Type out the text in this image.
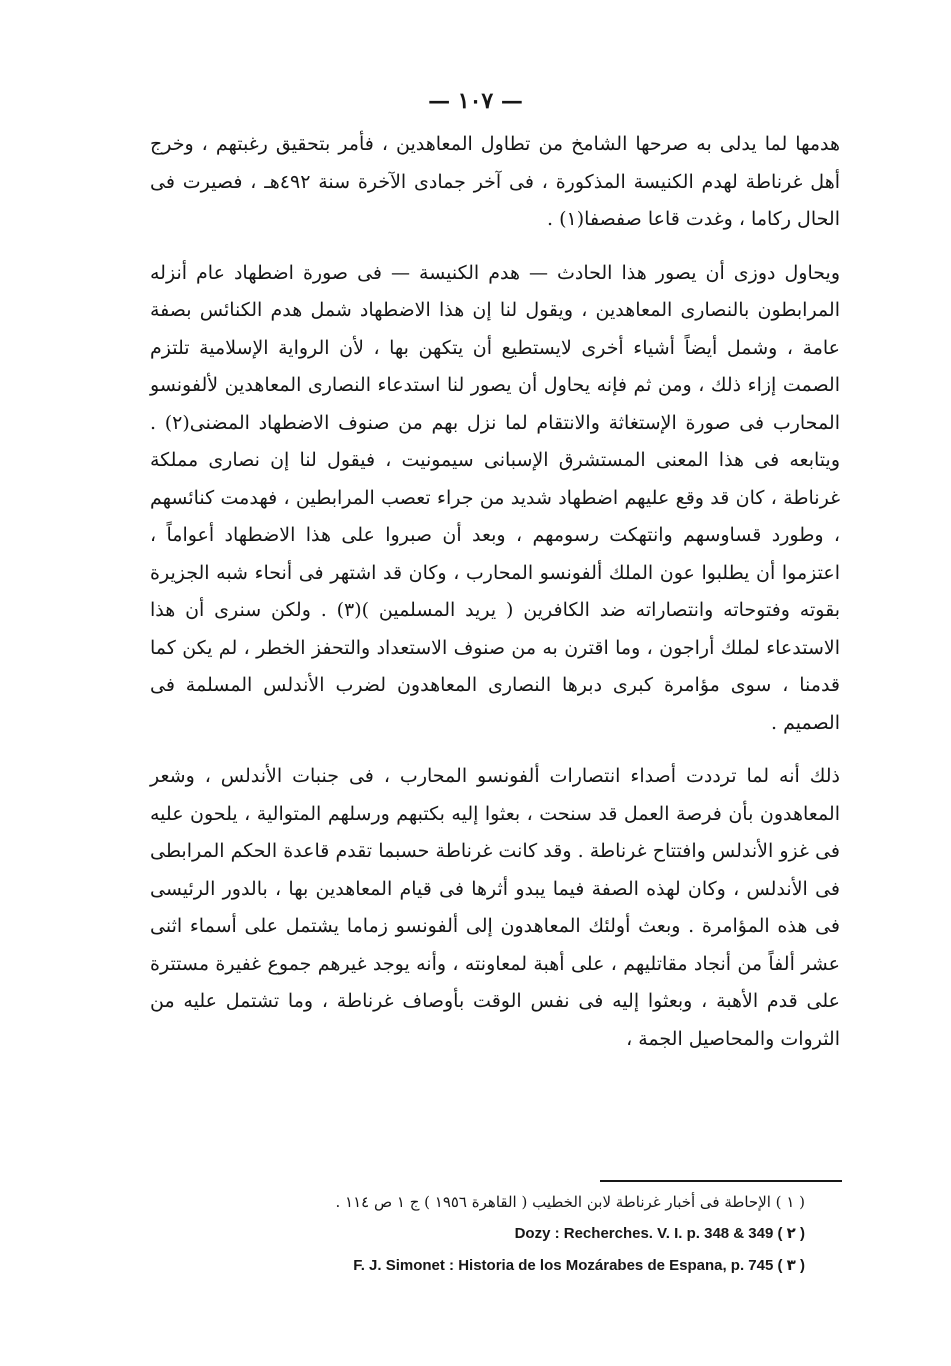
— ١٠٧ —

هدمها لما يدلى به صرحها الشامخ من تطاول المعاهدين ، فأمر بتحقيق رغبتهم ، وخرج أهل غرناطة لهدم الكنيسة المذكورة ، فى آخر جمادى الآخرة سنة ٤٩٢هـ ، فصيرت فى الحال ركاما ، وغدت قاعا صفصفا(١) .

ويحاول دوزى أن يصور هذا الحادث — هدم الكنيسة — فى صورة اضطهاد عام أنزله المرابطون بالنصارى المعاهدين ، ويقول لنا إن هذا الاضطهاد شمل هدم الكنائس بصفة عامة ، وشمل أيضاً أشياء أخرى لايستطيع أن يتكهن بها ، لأن الرواية الإسلامية تلتزم الصمت إزاء ذلك ، ومن ثم فإنه يحاول أن يصور لنا استدعاء النصارى المعاهدين لألفونسو المحارب فى صورة الإستغاثة والانتقام لما نزل بهم من صنوف الاضطهاد المضنى(٢) . ويتابعه فى هذا المعنى المستشرق الإسبانى سيمونيت ، فيقول لنا إن نصارى مملكة غرناطة ، كان قد وقع عليهم اضطهاد شديد من جراء تعصب المرابطين ، فهدمت كنائسهم ، وطورد قساوسهم وانتهكت رسومهم ، وبعد أن صبروا على هذا الاضطهاد أعواماً ، اعتزموا أن يطلبوا عون الملك ألفونسو المحارب ، وكان قد اشتهر فى أنحاء شبه الجزيرة بقوته وفتوحاته وانتصاراته ضد الكافرين ( يريد المسلمين )(٣) . ولكن سنرى أن هذا الاستدعاء لملك أراجون ، وما اقترن به من صنوف الاستعداد والتحفز الخطر ، لم يكن كما قدمنا ، سوى مؤامرة كبرى دبرها النصارى المعاهدون لضرب الأندلس المسلمة فى الصميم .

ذلك أنه لما ترددت أصداء انتصارات ألفونسو المحارب ، فى جنبات الأندلس ، وشعر المعاهدون بأن فرصة العمل قد سنحت ، بعثوا إليه بكتبهم ورسلهم المتوالية ، يلحون عليه فى غزو الأندلس وافتتاح غرناطة . وقد كانت غرناطة حسبما تقدم قاعدة الحكم المرابطى فى الأندلس ، وكان لهذه الصفة فيما يبدو أثرها فى قيام المعاهدين بها ، بالدور الرئيسى فى هذه المؤامرة . وبعث أولئك المعاهدون إلى ألفونسو زماما يشتمل على أسماء اثنى عشر ألفاً من أنجاد مقاتليهم ، على أهبة لمعاونته ، وأنه يوجد غيرهم جموع غفيرة مستترة على قدم الأهبة ، وبعثوا إليه فى نفس الوقت بأوصاف غرناطة ، وما تشتمل عليه من الثروات والمحاصيل الجمة ،

( ١ ) الإحاطة فى أخبار غرناطة لابن الخطيب ( القاهرة ١٩٥٦ ) ج ١ ص ١١٤ .

Dozy : Recherches. V. I. p. 348 & 349 ( ٢ )

F. J. Simonet : Historia de los Mozárabes de Espana, p. 745 ( ٣ )
